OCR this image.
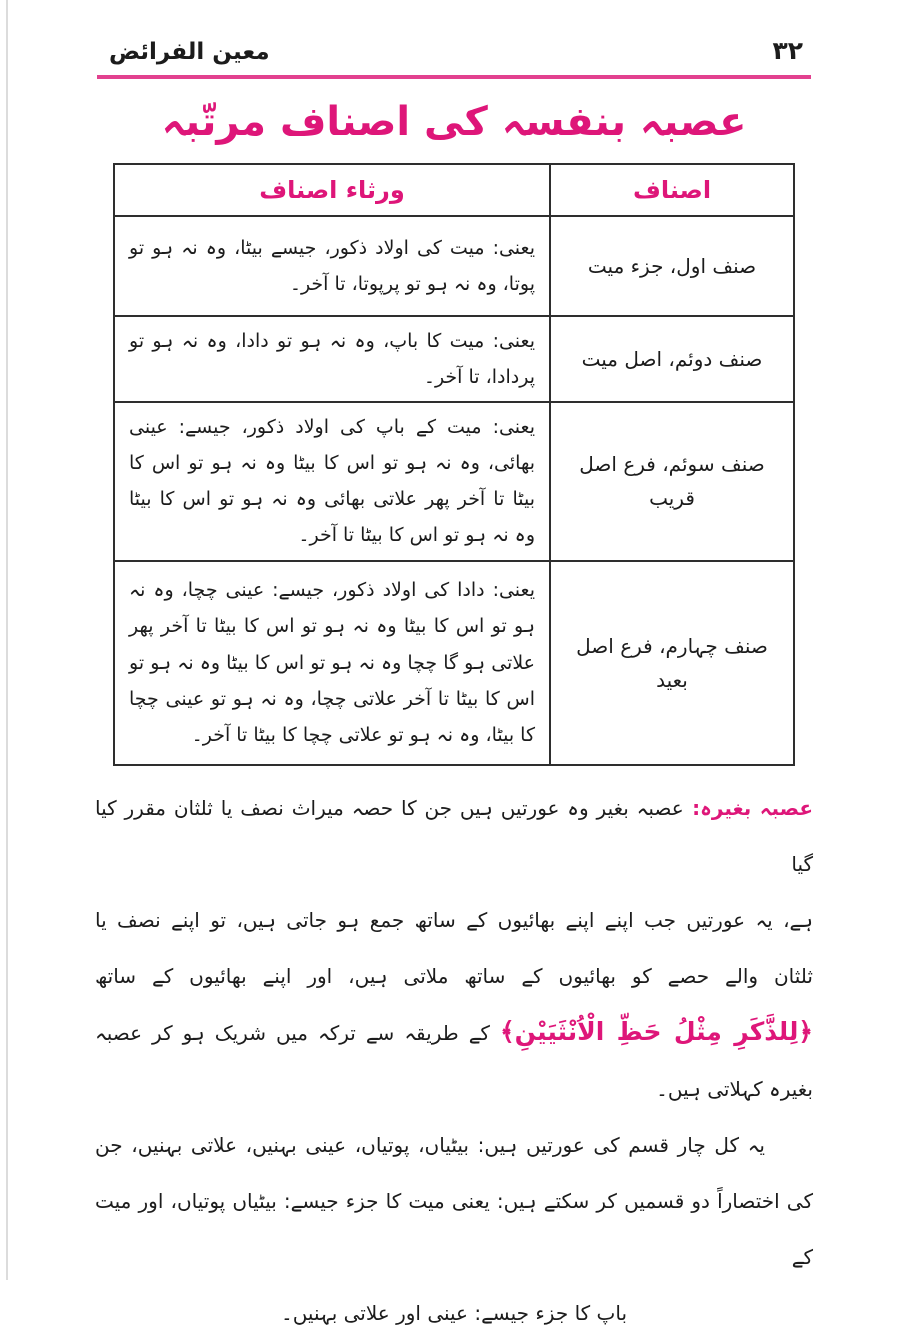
معین الفرائض	۳۲
عصبہ بنفسہ کی اصناف مرتّبہ
اصناف	ورثاء اصناف
صنف اول، جزء میت	یعنی: میت کی اولاد ذکور، جیسے بیٹا، وہ نہ ہو تو پوتا، وہ نہ ہو تو پرپوتا، تا آخر۔
صنف دوئم، اصل میت	یعنی: میت کا باپ، وہ نہ ہو تو دادا، وہ نہ ہو تو پردادا، تا آخر۔
صنف سوئم، فرع اصل قریب	یعنی: میت کے باپ کی اولاد ذکور، جیسے: عینی بھائی، وہ نہ ہو تو اس کا بیٹا وہ نہ ہو تو اس کا بیٹا تا آخر پھر علاتی بھائی وہ نہ ہو تو اس کا بیٹا وہ نہ ہو تو اس کا بیٹا تا آخر۔
صنف چہارم، فرع اصل بعید	یعنی: دادا کی اولاد ذکور، جیسے: عینی چچا، وہ نہ ہو تو اس کا بیٹا وہ نہ ہو تو اس کا بیٹا تا آخر پھر علاتی ہو گا چچا وہ نہ ہو تو اس کا بیٹا وہ نہ ہو تو اس کا بیٹا تا آخر علاتی چچا، وہ نہ ہو تو عینی چچا کا بیٹا، وہ نہ ہو تو علاتی چچا کا بیٹا تا آخر۔
عصبہ بغیرہ: عصبہ بغیر وہ عورتیں ہیں جن کا حصہ میراث نصف یا ثلثان مقرر کیا گیا
ہے، یہ عورتیں جب اپنے اپنے بھائیوں کے ساتھ جمع ہو جاتی ہیں، تو اپنے نصف یا
ثلثان والے حصے کو بھائیوں کے ساتھ ملاتی ہیں، اور اپنے بھائیوں کے ساتھ
﴿لِلذَّكَرِ مِثْلُ حَظِّ الْاُنْثَيَيْنِ﴾ کے طریقہ سے ترکہ میں شریک ہو کر عصبہ
بغیرہ کہلاتی ہیں۔
یہ کل چار قسم کی عورتیں ہیں: بیٹیاں، پوتیاں، عینی بہنیں، علاتی بہنیں، جن
کی اختصاراً دو قسمیں کر سکتے ہیں: یعنی میت کا جزء جیسے: بیٹیاں پوتیاں، اور میت کے
باپ کا جزء جیسے: عینی اور علاتی بہنیں۔
